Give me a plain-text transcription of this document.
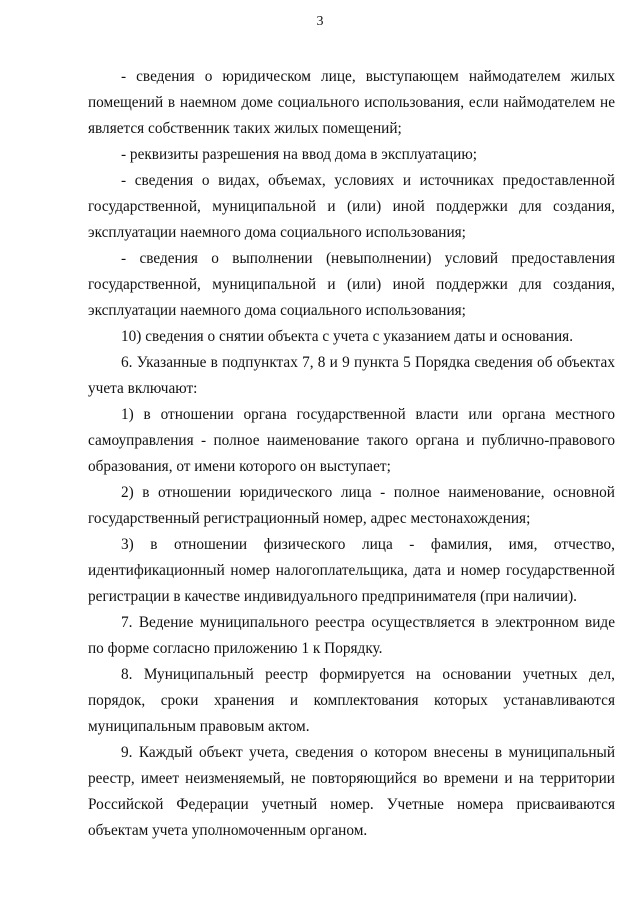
3

- сведения о юридическом лице, выступающем наймодателем жилых помещений в наемном доме социального использования, если наймодателем не является собственник таких жилых помещений;

- реквизиты разрешения на ввод дома в эксплуатацию;

- сведения о видах, объемах, условиях и источниках предоставленной государственной, муниципальной и (или) иной поддержки для создания, эксплуатации наемного дома социального использования;

- сведения о выполнении (невыполнении) условий предоставления государственной, муниципальной и (или) иной поддержки для создания, эксплуатации наемного дома социального использования;

10) сведения о снятии объекта с учета с указанием даты и основания.

6. Указанные в подпунктах 7, 8 и 9 пункта 5 Порядка сведения об объектах учета включают:

1) в отношении органа государственной власти или органа местного самоуправления - полное наименование такого органа и публично-правового образования, от имени которого он выступает;

2) в отношении юридического лица - полное наименование, основной государственный регистрационный номер, адрес местонахождения;

3) в отношении физического лица - фамилия, имя, отчество, идентификационный номер налогоплательщика, дата и номер государственной регистрации в качестве индивидуального предпринимателя (при наличии).

7. Ведение муниципального реестра осуществляется в электронном виде по форме согласно приложению 1 к Порядку.

8. Муниципальный реестр формируется на основании учетных дел, порядок, сроки хранения и комплектования которых устанавливаются муниципальным правовым актом.

9. Каждый объект учета, сведения о котором внесены в муниципальный реестр, имеет неизменяемый, не повторяющийся во времени и на территории Российской Федерации учетный номер. Учетные номера присваиваются объектам учета уполномоченным органом.
